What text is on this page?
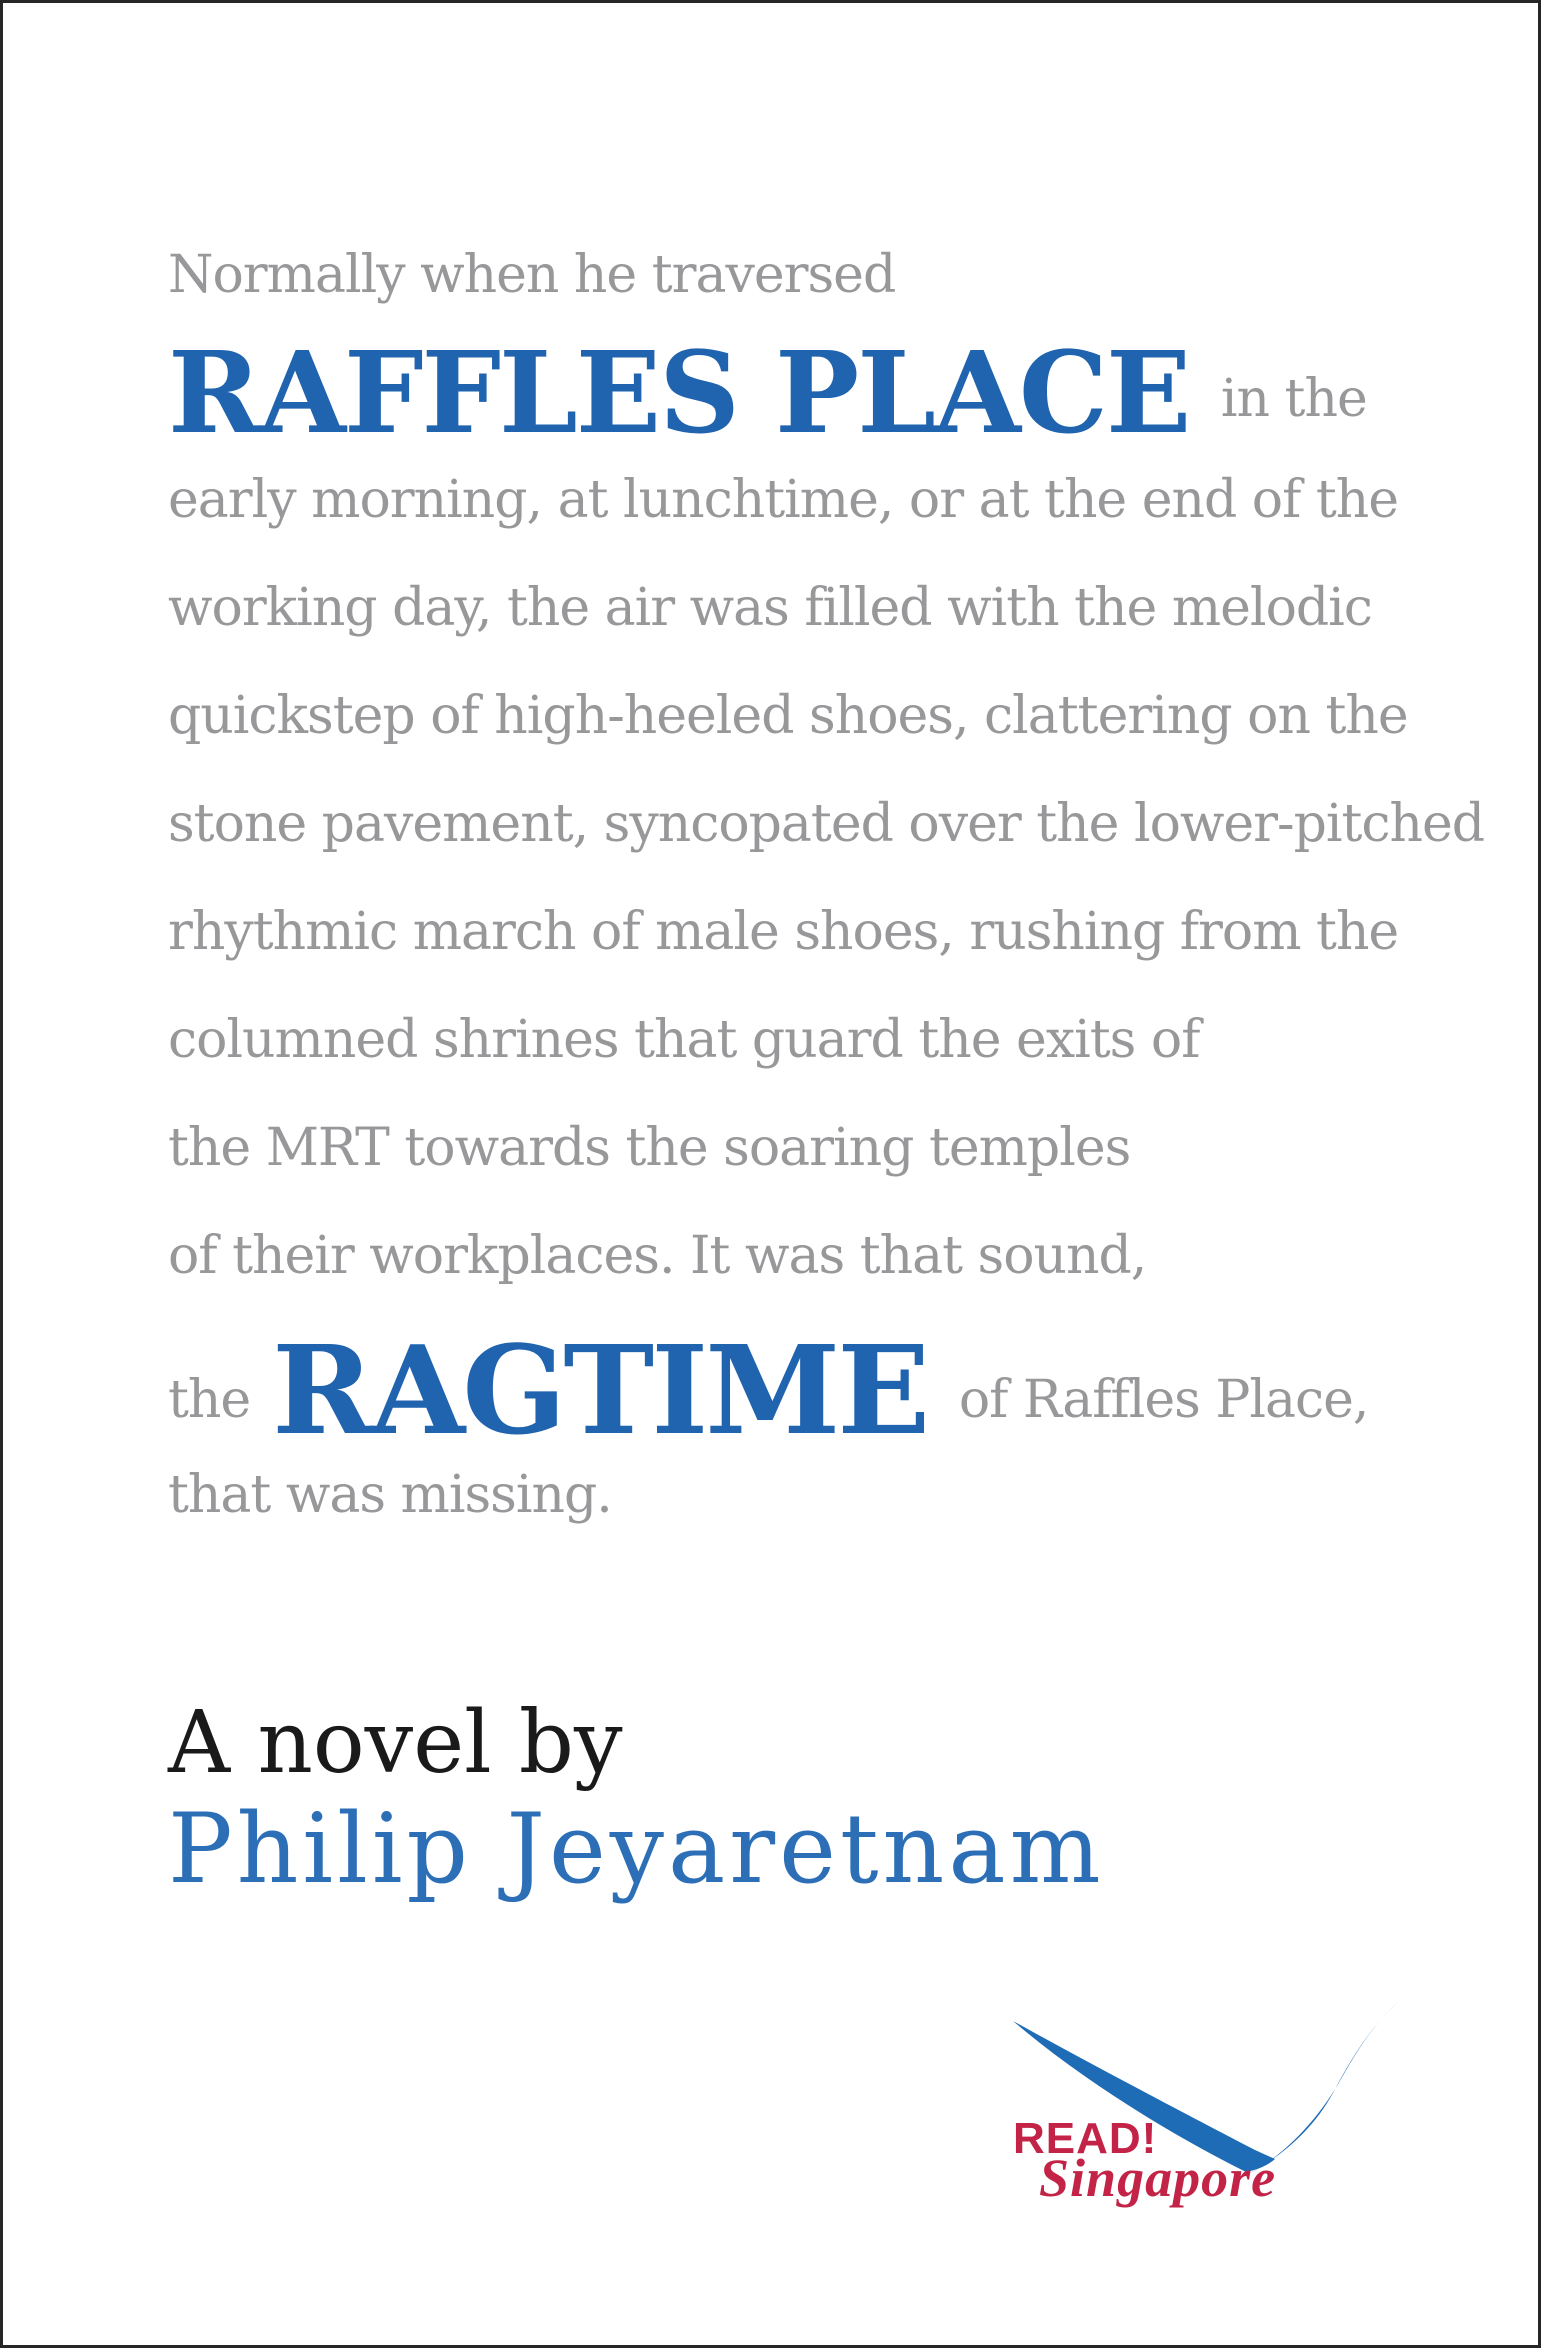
Normally when he traversed
RAFFLES PLACE in the
early morning, at lunchtime, or at the end of the
working day, the air was filled with the melodic
quickstep of high-heeled shoes, clattering on the
stone pavement, syncopated over the lower-pitched
rhythmic march of male shoes, rushing from the
columned shrines that guard the exits of
the MRT towards the soaring temples
of their workplaces. It was that sound,
the RAGTIME of Raffles Place,
that was missing.
A novel by
Philip Jeyaretnam
READ!
Singapore
